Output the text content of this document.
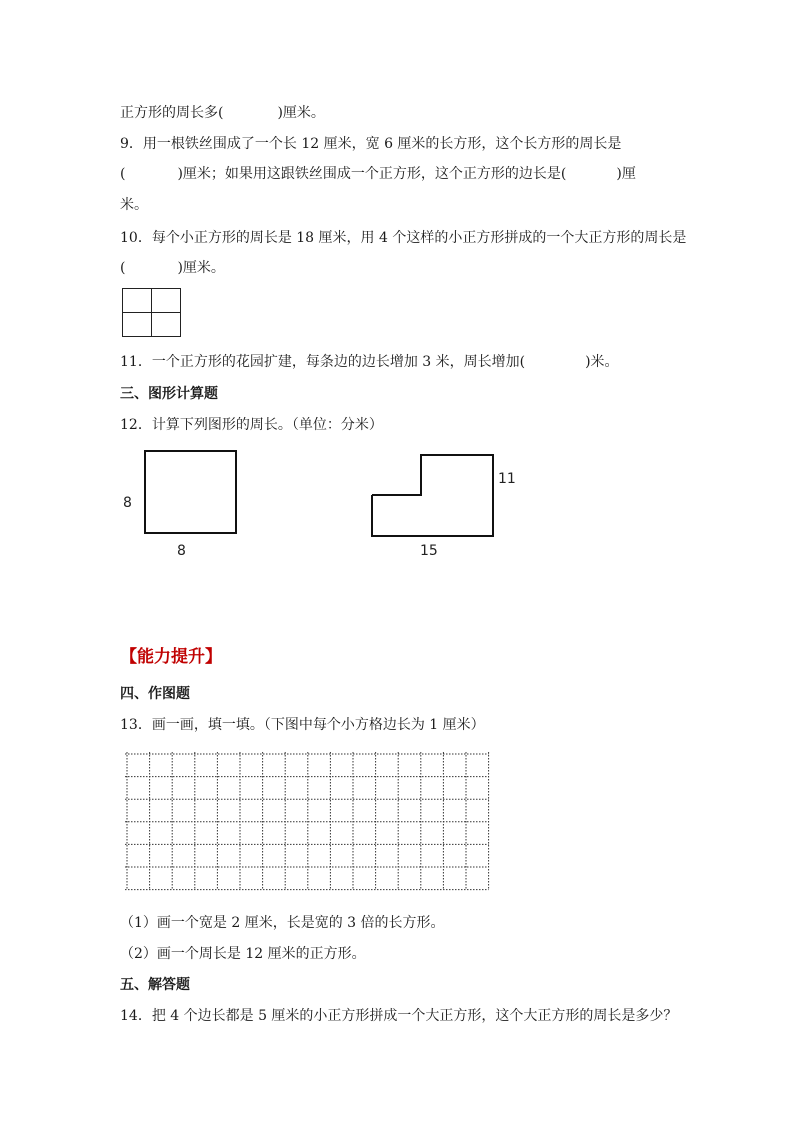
正方形的周长多(	)厘米。
9．用一根铁丝围成了一个长 12 厘米，宽 6 厘米的长方形，这个长方形的周长是
(	)厘米；如果用这跟铁丝围成一个正方形，这个正方形的边长是(	)厘
米。
10．每个小正方形的周长是 18 厘米，用 4 个这样的小正方形拼成的一个大正方形的周长是
(	)厘米。
11．一个正方形的花园扩建，每条边的边长增加 3 米，周长增加(	)米。
三、图形计算题
12．计算下列图形的周长。（单位：分米）
8
8
11
15
【能力提升】
四、作图题
13．画一画，填一填。（下图中每个小方格边长为 1 厘米）
（1）画一个宽是 2 厘米，长是宽的 3 倍的长方形。
（2）画一个周长是 12 厘米的正方形。
五、解答题
14．把 4 个边长都是 5 厘米的小正方形拼成一个大正方形，这个大正方形的周长是多少？
